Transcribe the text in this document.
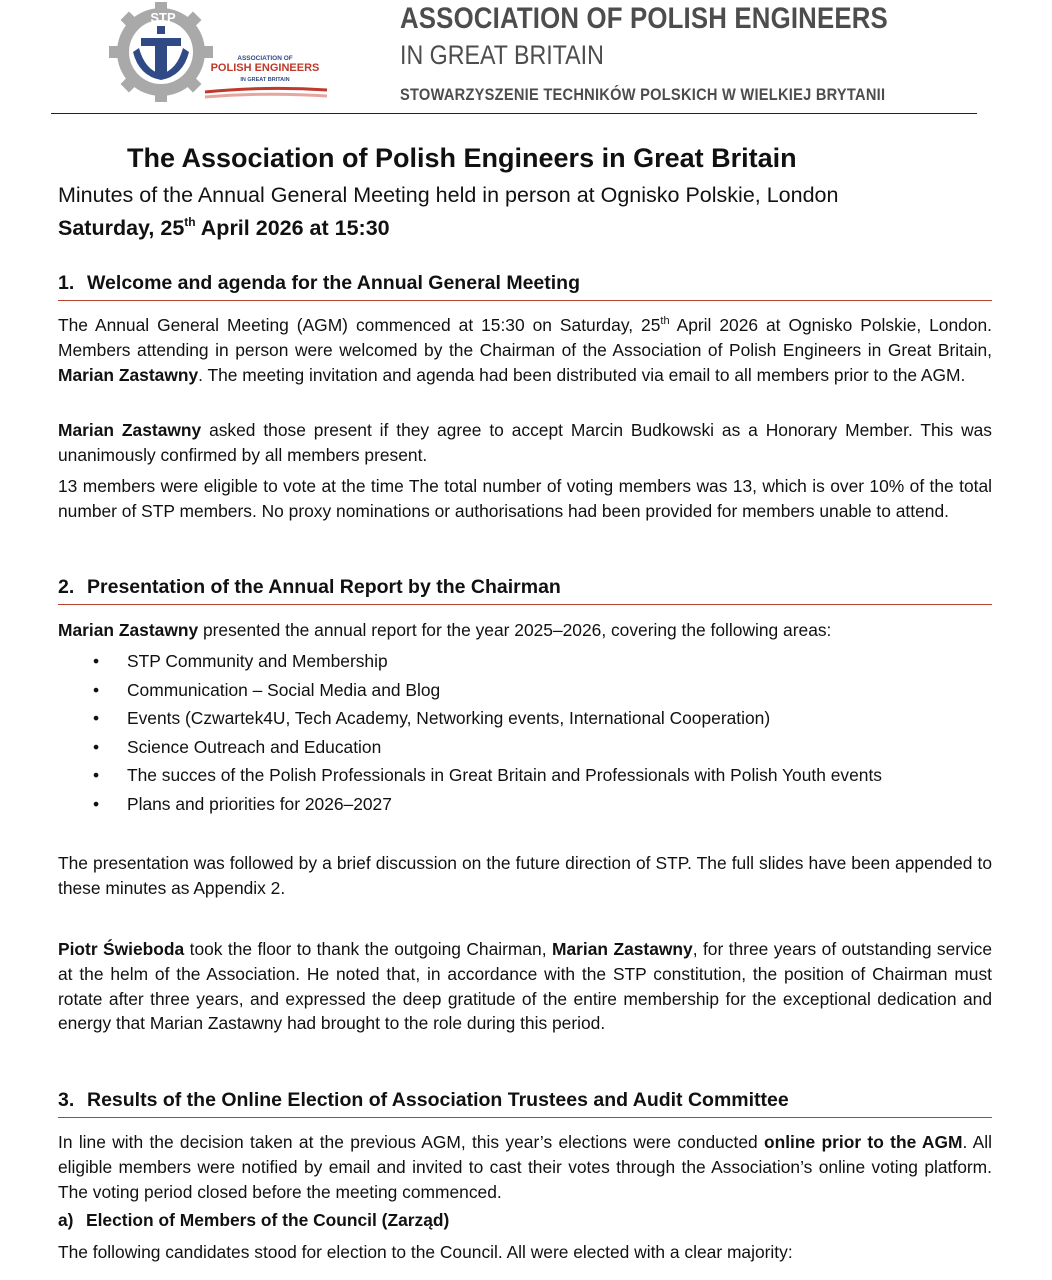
STP
ASSOCIATION OF
POLISH ENGINEERS
IN GREAT BRITAIN
ASSOCIATION OF POLISH ENGINEERS
IN GREAT BRITAIN
STOWARZYSZENIE TECHNIKÓW POLSKICH W WIELKIEJ BRYTANII
The Association of Polish Engineers in Great Britain
Minutes of the Annual General Meeting held in person at Ognisko Polskie, London
Saturday, 25th April 2026 at 15:30
1. Welcome and agenda for the Annual General Meeting

The Annual General Meeting (AGM) commenced at 15:30 on Saturday, 25th April 2026 at Ognisko Polskie, London. Members attending in person were welcomed by the Chairman of the Association of Polish Engineers in Great Britain, Marian Zastawny. The meeting invitation and agenda had been distributed via email to all members prior to the AGM.

Marian Zastawny asked those present if they agree to accept Marcin Budkowski as a Honorary Member. This was unanimously confirmed by all members present.

13 members were eligible to vote at the time The total number of voting members was 13, which is over 10% of the total number of STP members. No proxy nominations or authorisations had been provided for members unable to attend.

2. Presentation of the Annual Report by the Chairman

Marian Zastawny presented the annual report for the year 2025–2026, covering the following areas:

• STP Community and Membership
• Communication – Social Media and Blog
• Events (Czwartek4U, Tech Academy, Networking events, International Cooperation)
• Science Outreach and Education
• The succes of the Polish Professionals in Great Britain and Professionals with Polish Youth events
• Plans and priorities for 2026–2027

The presentation was followed by a brief discussion on the future direction of STP. The full slides have been appended to these minutes as Appendix 2.

Piotr Świeboda took the floor to thank the outgoing Chairman, Marian Zastawny, for three years of outstanding service at the helm of the Association. He noted that, in accordance with the STP constitution, the position of Chairman must rotate after three years, and expressed the deep gratitude of the entire membership for the exceptional dedication and energy that Marian Zastawny had brought to the role during this period.

3. Results of the Online Election of Association Trustees and Audit Committee

In line with the decision taken at the previous AGM, this year’s elections were conducted online prior to the AGM. All eligible members were notified by email and invited to cast their votes through the Association’s online voting platform. The voting period closed before the meeting commenced.

a) Election of Members of the Council (Zarząd)

The following candidates stood for election to the Council. All were elected with a clear majority:
